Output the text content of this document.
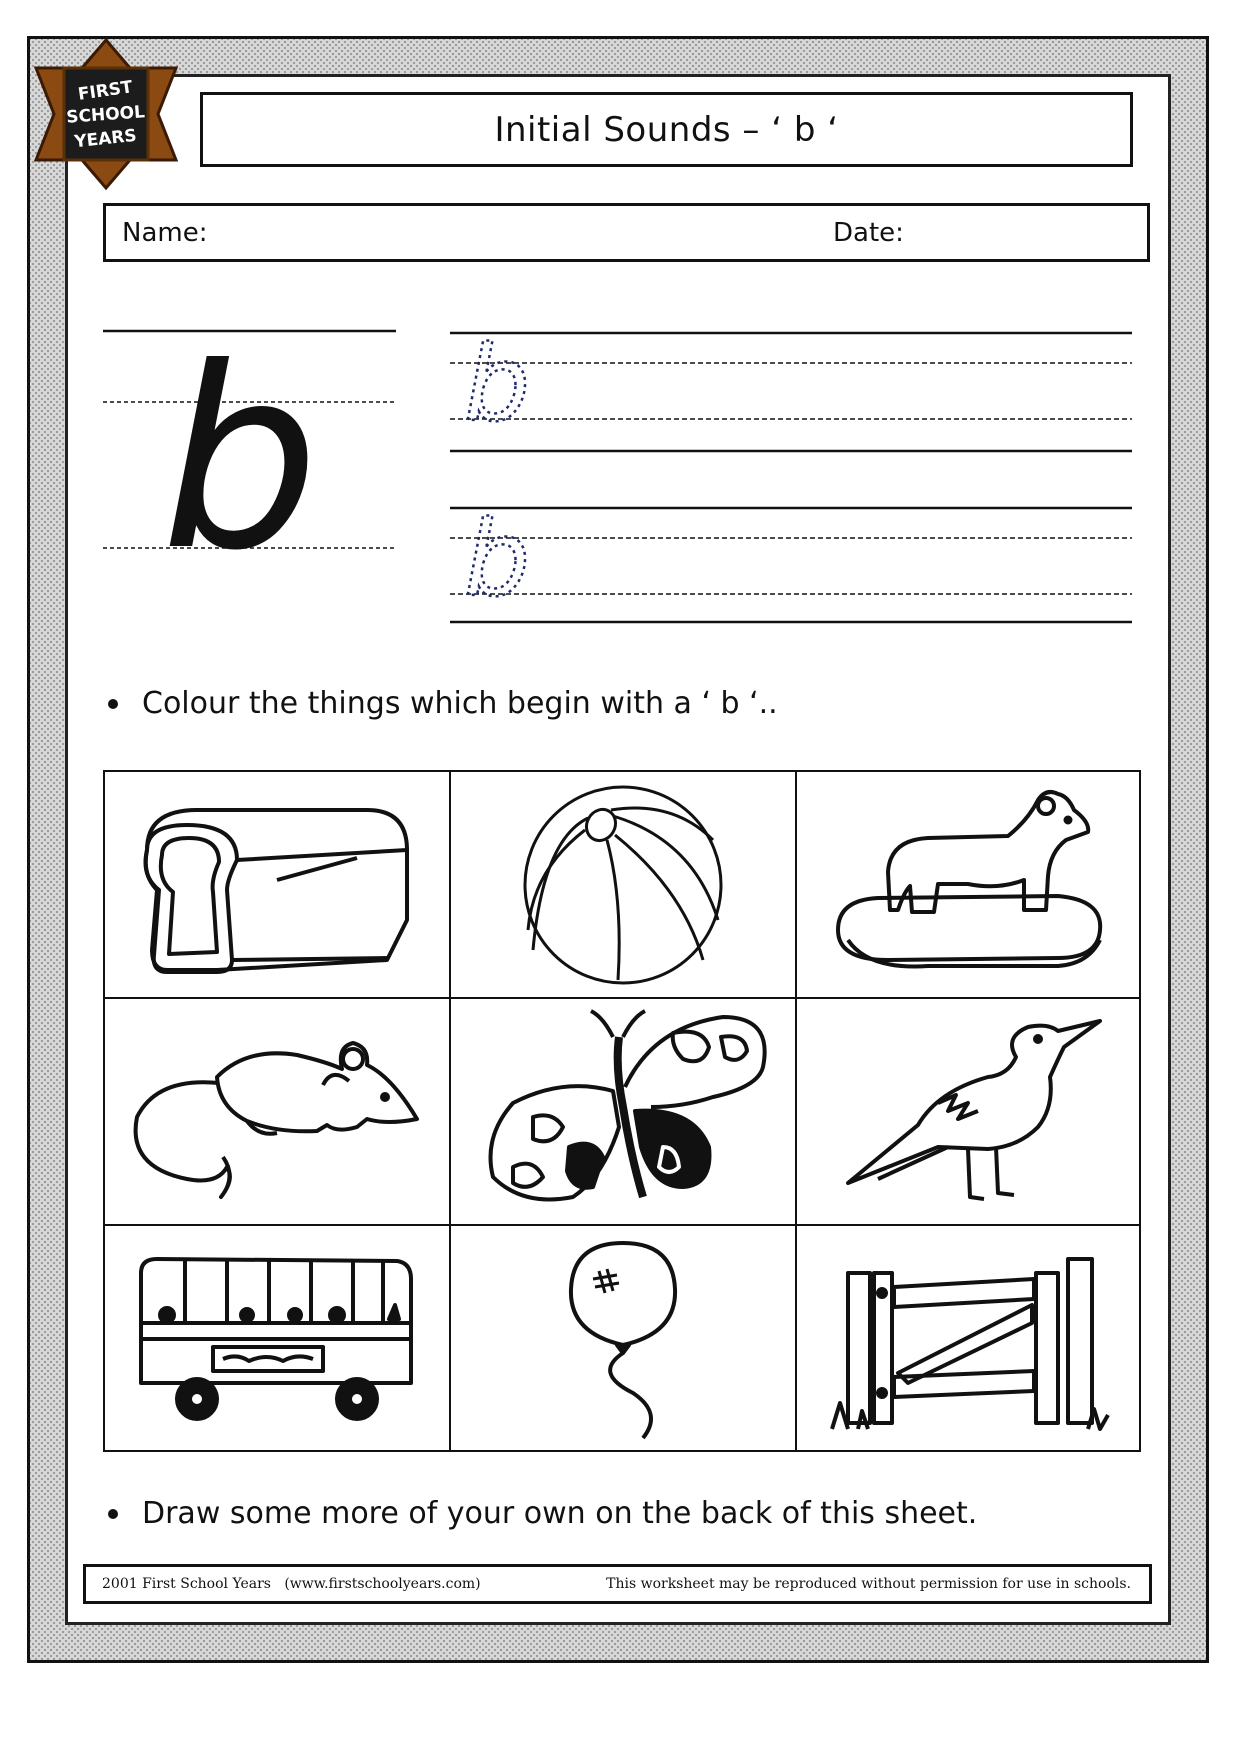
FIRST
SCHOOL
YEARS	Initial Sounds – ‘ b ‘
Name:	Date:
b b
b
Colour the things which begin with a ‘ b ‘..
Draw some more of your own on the back of this sheet.
2001 First School Years   (www.firstschoolyears.com)	This worksheet may be reproduced without permission for use in schools.
